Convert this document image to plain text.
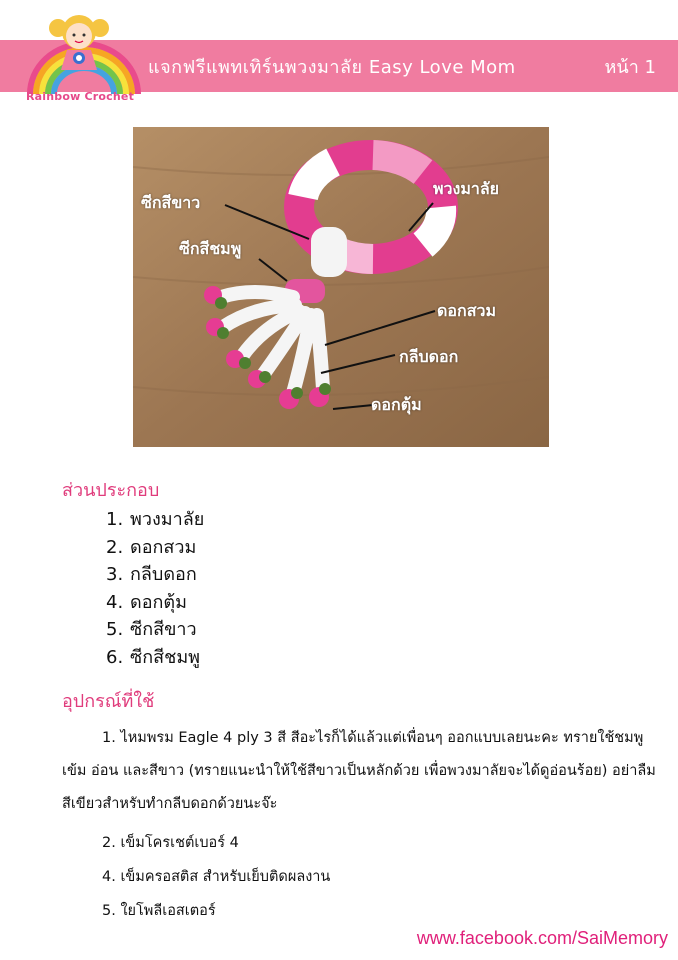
แจกฟรีแพทเทิร์นพวงมาลัย Easy Love Mom	หน้า 1
Rainbow Crochet
ซีกสีขาว
พวงมาลัย
ซีกสีชมพู
ดอกสวม
กลีบดอก
ดอกตุ้ม
ส่วนประกอบ
1. พวงมาลัย
2. ดอกสวม
3. กลีบดอก
4. ดอกตุ้ม
5. ซีกสีขาว
6. ซีกสีชมพู
อุปกรณ์ที่ใช้
1. ไหมพรม Eagle 4 ply 3 สี สีอะไรก็ได้แล้วแต่เพื่อนๆ ออกแบบเลยนะคะ ทรายใช้ชมพูเข้ม อ่อน และสีขาว (ทรายแนะนำให้ใช้สีขาวเป็นหลักด้วย เพื่อพวงมาลัยจะได้ดูอ่อนร้อย) อย่าลืมสีเขียวสำหรับทำกลีบดอกด้วยนะจ๊ะ
2. เข็มโครเชต์เบอร์ 4
4. เข็มครอสติส สำหรับเย็บติดผลงาน
5. ใยโพลีเอสเตอร์
www.facebook.com/SaiMemory
